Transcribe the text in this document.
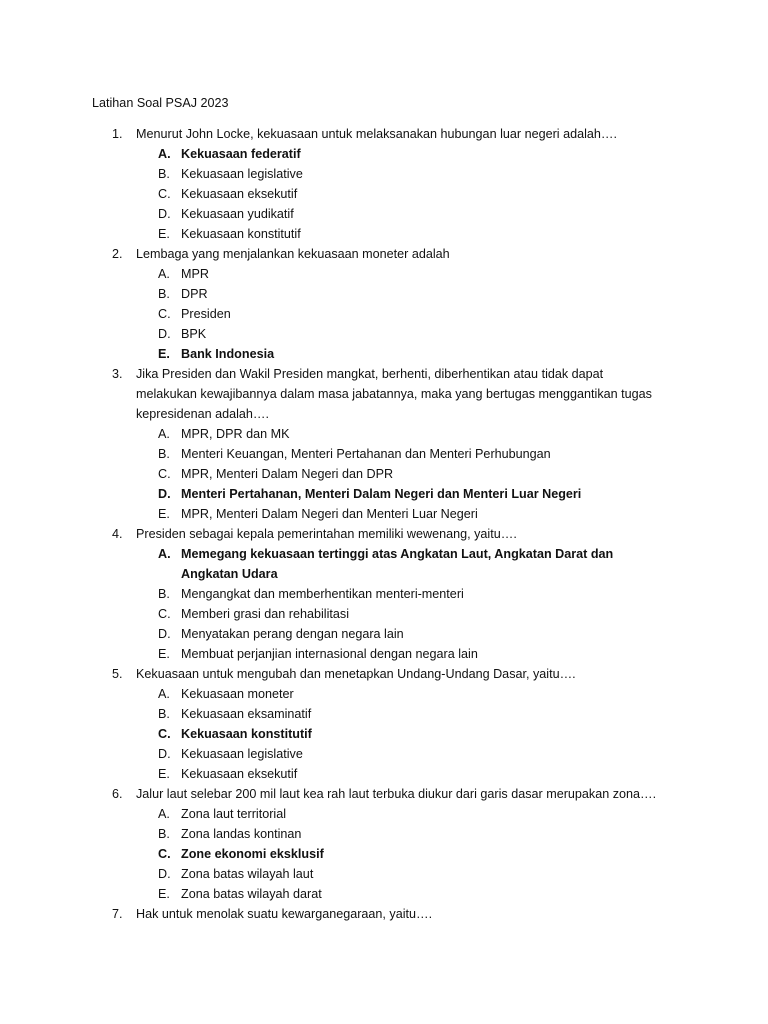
Latihan Soal PSAJ 2023
1. Menurut John Locke, kekuasaan untuk melaksanakan hubungan luar negeri adalah….
A. Kekuasaan federatif
B. Kekuasaan legislative
C. Kekuasaan eksekutif
D. Kekuasaan yudikatif
E. Kekuasaan konstitutif
2. Lembaga yang menjalankan kekuasaan moneter adalah
A. MPR
B. DPR
C. Presiden
D. BPK
E. Bank Indonesia
3. Jika Presiden dan Wakil Presiden mangkat, berhenti, diberhentikan atau tidak dapat melakukan kewajibannya dalam masa jabatannya, maka yang bertugas menggantikan tugas kepresidenan adalah….
A. MPR, DPR dan MK
B. Menteri Keuangan, Menteri Pertahanan dan Menteri Perhubungan
C. MPR, Menteri Dalam Negeri dan DPR
D. Menteri Pertahanan, Menteri Dalam Negeri dan Menteri Luar Negeri
E. MPR, Menteri Dalam Negeri dan Menteri Luar Negeri
4. Presiden sebagai kepala pemerintahan memiliki wewenang, yaitu….
A. Memegang kekuasaan tertinggi atas Angkatan Laut, Angkatan Darat dan Angkatan Udara
B. Mengangkat dan memberhentikan menteri-menteri
C. Memberi grasi dan rehabilitasi
D. Menyatakan perang dengan negara lain
E. Membuat perjanjian internasional dengan negara lain
5. Kekuasaan untuk mengubah dan menetapkan Undang-Undang Dasar, yaitu….
A. Kekuasaan moneter
B. Kekuasaan eksaminatif
C. Kekuasaan konstitutif
D. Kekuasaan legislative
E. Kekuasaan eksekutif
6. Jalur laut selebar 200 mil laut kea rah laut terbuka diukur dari garis dasar merupakan zona….
A. Zona laut territorial
B. Zona landas kontinan
C. Zone ekonomi eksklusif
D. Zona batas wilayah laut
E. Zona batas wilayah darat
7. Hak untuk menolak suatu kewarganegaraan, yaitu….
